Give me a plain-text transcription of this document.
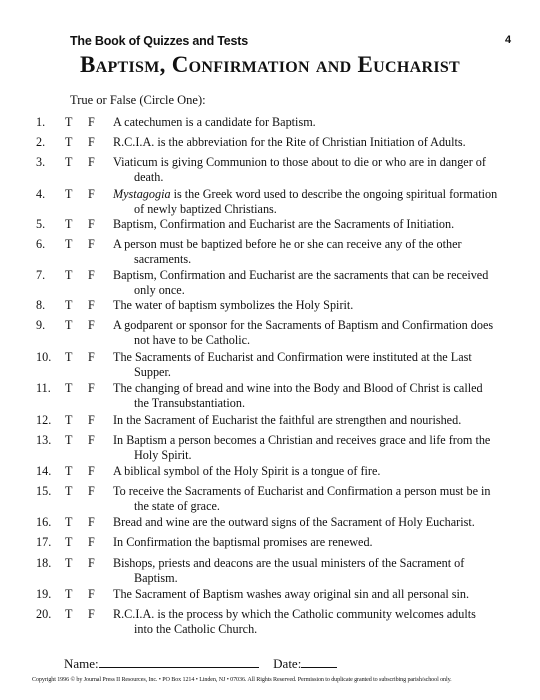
The Book of Quizzes and Tests	4
Baptism, Confirmation and Eucharist
True or False (Circle One):
1. T F A catechumen is a candidate for Baptism.
2. T F R.C.I.A. is the abbreviation for the Rite of Christian Initiation of Adults.
3. T F Viaticum is giving Communion to those about to die or who are in danger of
death.
4. T F Mystagogia is the Greek word used to describe the ongoing spiritual formation
of newly baptized Christians.
5. T F Baptism, Confirmation and Eucharist are the Sacraments of Initiation.
6. T F A person must be baptized before he or she can receive any of the other
sacraments.
7. T F Baptism, Confirmation and Eucharist are the sacraments that can be received
only once.
8. T F The water of baptism symbolizes the Holy Spirit.
9. T F A godparent or sponsor for the Sacraments of Baptism and Confirmation does
not have to be Catholic.
10. T F The Sacraments of Eucharist and Confirmation were instituted at the Last
Supper.
11. T F The changing of bread and wine into the Body and Blood of Christ is called
the Transubstantiation.
12. T F In the Sacrament of Eucharist the faithful are strengthen and nourished.
13. T F In Baptism a person becomes a Christian and receives grace and life from the
Holy Spirit.
14. T F A biblical symbol of the Holy Spirit is a tongue of fire.
15. T F To receive the Sacraments of Eucharist and Confirmation a person must be in
the state of grace.
16. T F Bread and wine are the outward signs of the Sacrament of Holy Eucharist.
17. T F In Confirmation the baptismal promises are renewed.
18. T F Bishops, priests and deacons are the usual ministers of the Sacrament of
Baptism.
19. T F The Sacrament of Baptism washes away original sin and all personal sin.
20. T F R.C.I.A. is the process by which the Catholic community welcomes adults
into the Catholic Church.
Name:	Date:
Copyright 1996 © by Journal Press II Resources, Inc. • PO Box 1214 • Linden, NJ • 07036. All Rights Reserved. Permission to duplicate granted to subscribing parish/school only.
